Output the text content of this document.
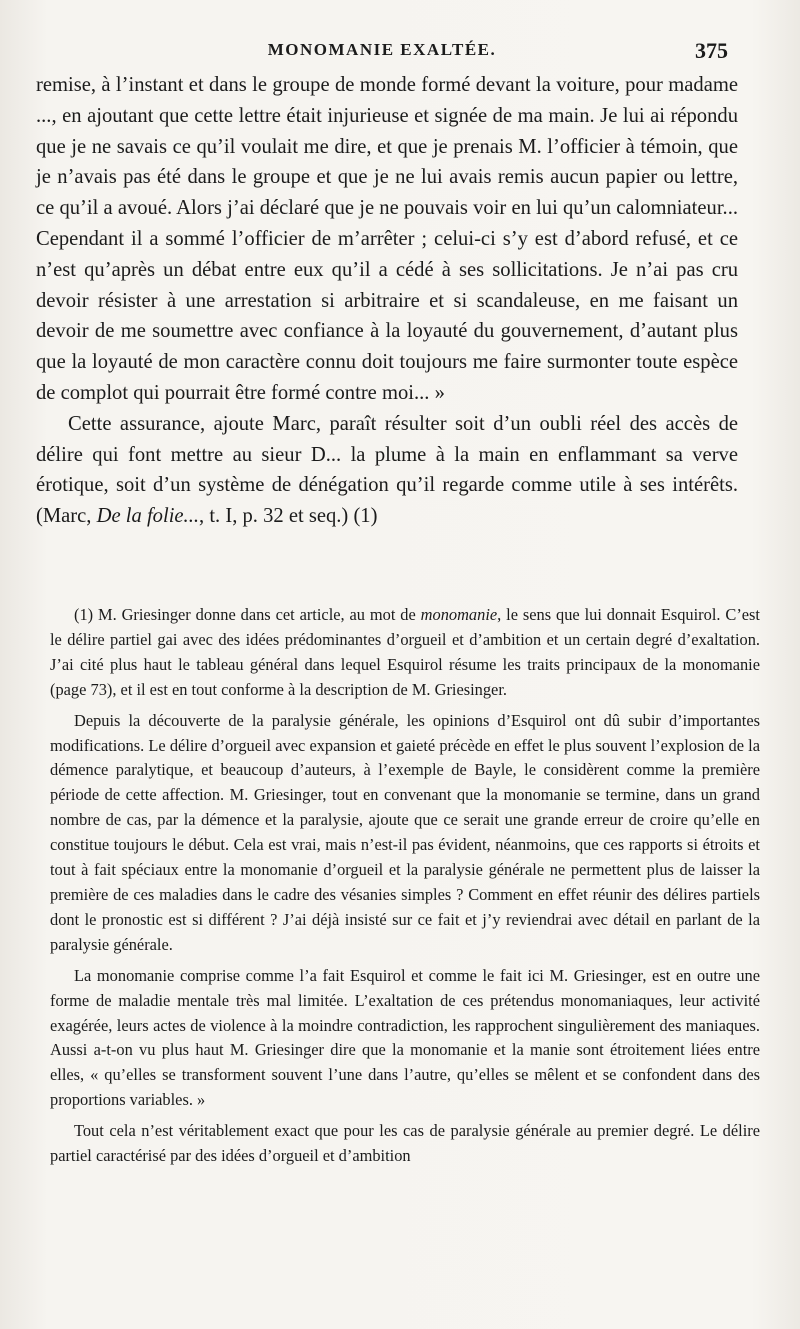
MONOMANIE EXALTÉE.	375

remise, à l’instant et dans le groupe de monde formé devant la voiture, pour madame ..., en ajoutant que cette lettre était injurieuse et signée de ma main. Je lui ai répondu que je ne savais ce qu’il voulait me dire, et que je prenais M. l’officier à témoin, que je n’avais pas été dans le groupe et que je ne lui avais remis aucun papier ou lettre, ce qu’il a avoué. Alors j’ai déclaré que je ne pouvais voir en lui qu’un calomniateur... Cependant il a sommé l’officier de m’arrêter ; celui-ci s’y est d’abord refusé, et ce n’est qu’après un débat entre eux qu’il a cédé à ses sollicitations. Je n’ai pas cru devoir résister à une arrestation si arbitraire et si scandaleuse, en me faisant un devoir de me soumettre avec confiance à la loyauté du gouvernement, d’autant plus que la loyauté de mon caractère connu doit toujours me faire surmonter toute espèce de complot qui pourrait être formé contre moi... »

Cette assurance, ajoute Marc, paraît résulter soit d’un oubli réel des accès de délire qui font mettre au sieur D... la plume à la main en enflammant sa verve érotique, soit d’un système de dénégation qu’il regarde comme utile à ses intérêts. (Marc, De la folie..., t. I, p. 32 et seq.) (1)

(1) M. Griesinger donne dans cet article, au mot de monomanie, le sens que lui donnait Esquirol. C’est le délire partiel gai avec des idées prédominantes d’orgueil et d’ambition et un certain degré d’exaltation. J’ai cité plus haut le tableau général dans lequel Esquirol résume les traits principaux de la monomanie (page 73), et il est en tout conforme à la description de M. Griesinger.

Depuis la découverte de la paralysie générale, les opinions d’Esquirol ont dû subir d’importantes modifications. Le délire d’orgueil avec expansion et gaieté précède en effet le plus souvent l’explosion de la démence paralytique, et beaucoup d’auteurs, à l’exemple de Bayle, le considèrent comme la première période de cette affection. M. Griesinger, tout en convenant que la monomanie se termine, dans un grand nombre de cas, par la démence et la paralysie, ajoute que ce serait une grande erreur de croire qu’elle en constitue toujours le début. Cela est vrai, mais n’est-il pas évident, néanmoins, que ces rapports si étroits et tout à fait spéciaux entre la monomanie d’orgueil et la paralysie générale ne permettent plus de laisser la première de ces maladies dans le cadre des vésanies simples ? Comment en effet réunir des délires partiels dont le pronostic est si différent ? J’ai déjà insisté sur ce fait et j’y reviendrai avec détail en parlant de la paralysie générale.

La monomanie comprise comme l’a fait Esquirol et comme le fait ici M. Griesinger, est en outre une forme de maladie mentale très mal limitée. L’exaltation de ces prétendus monomaniaques, leur activité exagérée, leurs actes de violence à la moindre contradiction, les rapprochent singulièrement des maniaques. Aussi a-t-on vu plus haut M. Griesinger dire que la monomanie et la manie sont étroitement liées entre elles, « qu’elles se transforment souvent l’une dans l’autre, qu’elles se mêlent et se confondent dans des proportions variables. »

Tout cela n’est véritablement exact que pour les cas de paralysie générale au premier degré. Le délire partiel caractérisé par des idées d’orgueil et d’ambition
